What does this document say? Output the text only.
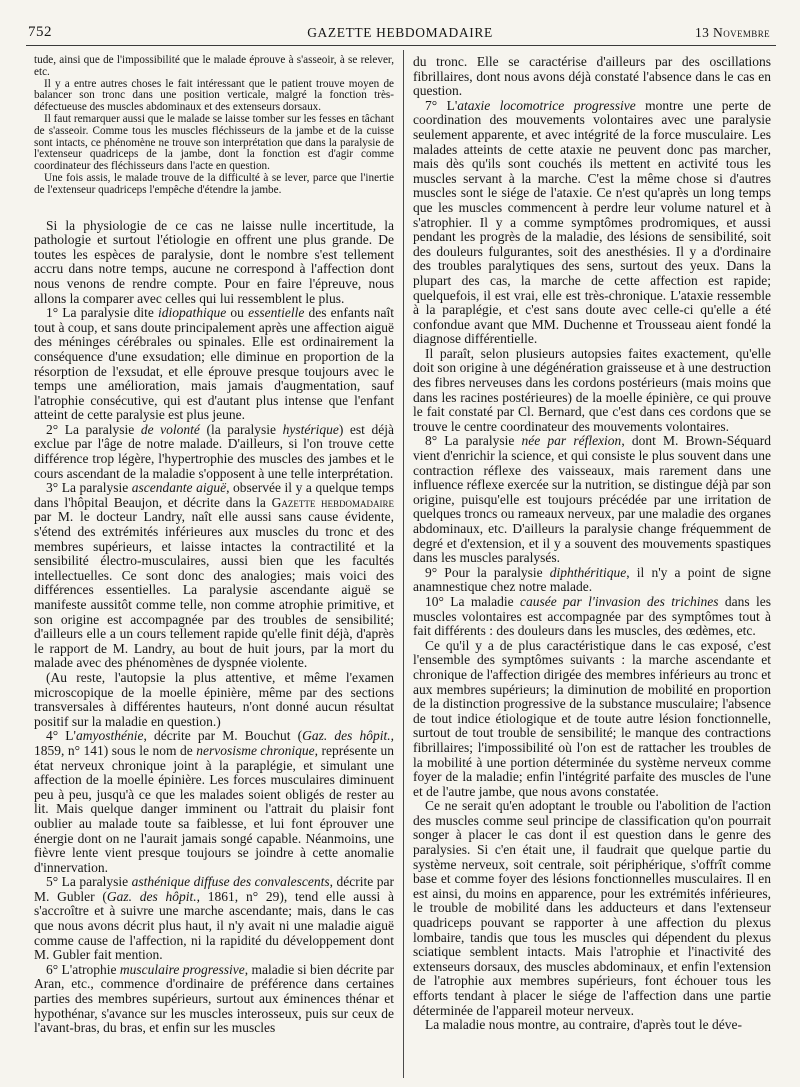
752	GAZETTE HEBDOMADAIRE	13 Novembre

tude, ainsi que de l'impossibilité que le malade éprouve à s'asseoir, à se relever, etc.

Il y a entre autres choses le fait intéressant que le patient trouve moyen de balancer son tronc dans une position verticale, malgré la fonction très-défectueuse des muscles abdominaux et des extenseurs dorsaux.

Il faut remarquer aussi que le malade se laisse tomber sur les fesses en tâchant de s'asseoir. Comme tous les muscles fléchisseurs de la jambe et de la cuisse sont intacts, ce phénomène ne trouve son interprétation que dans la paralysie de l'extenseur quadriceps de la jambe, dont la fonction est d'agir comme coordinateur des fléchisseurs dans l'acte en question.

Une fois assis, le malade trouve de la difficulté à se lever, parce que l'inertie de l'extenseur quadriceps l'empêche d'étendre la jambe.

Si la physiologie de ce cas ne laisse nulle incertitude, la pathologie et surtout l'étiologie en offrent une plus grande. De toutes les espèces de paralysie, dont le nombre s'est tellement accru dans notre temps, aucune ne correspond à l'affection dont nous venons de rendre compte. Pour en faire l'épreuve, nous allons la comparer avec celles qui lui ressemblent le plus.

1° La paralysie dite idiopathique ou essentielle des enfants naît tout à coup, et sans doute principalement après une affection aiguë des méninges cérébrales ou spinales. Elle est ordinairement la conséquence d'une exsudation; elle diminue en proportion de la résorption de l'exsudat, et elle éprouve presque toujours avec le temps une amélioration, mais jamais d'augmentation, sauf l'atrophie consécutive, qui est d'autant plus intense que l'enfant atteint de cette paralysie est plus jeune.

2° La paralysie de volonté (la paralysie hystérique) est déjà exclue par l'âge de notre malade. D'ailleurs, si l'on trouve cette différence trop légère, l'hypertrophie des muscles des jambes et le cours ascendant de la maladie s'opposent à une telle interprétation.

3° La paralysie ascendante aiguë, observée il y a quelque temps dans l'hôpital Beaujon, et décrite dans la Gazette hebdomadaire par M. le docteur Landry, naît elle aussi sans cause évidente, s'étend des extrémités inférieures aux muscles du tronc et des membres supérieurs, et laisse intactes la contractilité et la sensibilité électro-musculaires, aussi bien que les facultés intellectuelles. Ce sont donc des analogies; mais voici des différences essentielles. La paralysie ascendante aiguë se manifeste aussitôt comme telle, non comme atrophie primitive, et son origine est accompagnée par des troubles de sensibilité; d'ailleurs elle a un cours tellement rapide qu'elle finit déjà, d'après le rapport de M. Landry, au bout de huit jours, par la mort du malade avec des phénomènes de dyspnée violente.

(Au reste, l'autopsie la plus attentive, et même l'examen microscopique de la moelle épinière, même par des sections transversales à différentes hauteurs, n'ont donné aucun résultat positif sur la maladie en question.)

4° L'amyosthénie, décrite par M. Bouchut (Gaz. des hôpit., 1859, n° 141) sous le nom de nervosisme chronique, représente un état nerveux chronique joint à la paraplégie, et simulant une affection de la moelle épinière. Les forces musculaires diminuent peu à peu, jusqu'à ce que les malades soient obligés de rester au lit. Mais quelque danger imminent ou l'attrait du plaisir font oublier au malade toute sa faiblesse, et lui font éprouver une énergie dont on ne l'aurait jamais songé capable. Néanmoins, une fièvre lente vient presque toujours se joindre à cette anomalie d'innervation.

5° La paralysie asthénique diffuse des convalescents, décrite par M. Gubler (Gaz. des hôpit., 1861, n° 29), tend elle aussi à s'accroître et à suivre une marche ascendante; mais, dans le cas que nous avons décrit plus haut, il n'y avait ni une maladie aiguë comme cause de l'affection, ni la rapidité du développement dont M. Gubler fait mention.

6° L'atrophie musculaire progressive, maladie si bien décrite par Aran, etc., commence d'ordinaire de préférence dans certaines parties des membres supérieurs, surtout aux éminences thénar et hypothénar, s'avance sur les muscles interosseux, puis sur ceux de l'avant-bras, du bras, et enfin sur les muscles

du tronc. Elle se caractérise d'ailleurs par des oscillations fibrillaires, dont nous avons déjà constaté l'absence dans le cas en question.

7° L'ataxie locomotrice progressive montre une perte de coordination des mouvements volontaires avec une paralysie seulement apparente, et avec intégrité de la force musculaire. Les malades atteints de cette ataxie ne peuvent donc pas marcher, mais dès qu'ils sont couchés ils mettent en activité tous les muscles servant à la marche. C'est la même chose si d'autres muscles sont le siége de l'ataxie. Ce n'est qu'après un long temps que les muscles commencent à perdre leur volume naturel et à s'atrophier. Il y a comme symptômes prodromiques, et aussi pendant les progrès de la maladie, des lésions de sensibilité, soit des douleurs fulgurantes, soit des anesthésies. Il y a d'ordinaire des troubles paralytiques des sens, surtout des yeux. Dans la plupart des cas, la marche de cette affection est rapide; quelquefois, il est vrai, elle est très-chronique. L'ataxie ressemble à la paraplégie, et c'est sans doute avec celle-ci qu'elle a été confondue avant que MM. Duchenne et Trousseau aient fondé la diagnose différentielle.

Il paraît, selon plusieurs autopsies faites exactement, qu'elle doit son origine à une dégénération graisseuse et à une destruction des fibres nerveuses dans les cordons postérieurs (mais moins que dans les racines postérieures) de la moelle épinière, ce qui prouve le fait constaté par Cl. Bernard, que c'est dans ces cordons que se trouve le centre coordinateur des mouvements volontaires.

8° La paralysie née par réflexion, dont M. Brown-Séquard vient d'enrichir la science, et qui consiste le plus souvent dans une contraction réflexe des vaisseaux, mais rarement dans une influence réflexe exercée sur la nutrition, se distingue déjà par son origine, puisqu'elle est toujours précédée par une irritation de quelques troncs ou rameaux nerveux, par une maladie des organes abdominaux, etc. D'ailleurs la paralysie change fréquemment de degré et d'extension, et il y a souvent des mouvements spastiques dans les muscles paralysés.

9° Pour la paralysie diphthéritique, il n'y a point de signe anamnestique chez notre malade.

10° La maladie causée par l'invasion des trichines dans les muscles volontaires est accompagnée par des symptômes tout à fait différents : des douleurs dans les muscles, des œdèmes, etc.

Ce qu'il y a de plus caractéristique dans le cas exposé, c'est l'ensemble des symptômes suivants : la marche ascendante et chronique de l'affection dirigée des membres inférieurs au tronc et aux membres supérieurs; la diminution de mobilité en proportion de la distinction progressive de la substance musculaire; l'absence de tout indice étiologique et de toute autre lésion fonctionnelle, surtout de tout trouble de sensibilité; le manque des contractions fibrillaires; l'impossibilité où l'on est de rattacher les troubles de la mobilité à une portion déterminée du système nerveux comme foyer de la maladie; enfin l'intégrité parfaite des muscles de l'une et de l'autre jambe, que nous avons constatée.

Ce ne serait qu'en adoptant le trouble ou l'abolition de l'action des muscles comme seul principe de classification qu'on pourrait songer à placer le cas dont il est question dans le genre des paralysies. Si c'en était une, il faudrait que quelque partie du système nerveux, soit centrale, soit périphérique, s'offrît comme base et comme foyer des lésions fonctionnelles musculaires. Il en est ainsi, du moins en apparence, pour les extrémités inférieures, le trouble de mobilité dans les adducteurs et dans l'extenseur quadriceps pouvant se rapporter à une affection du plexus lombaire, tandis que tous les muscles qui dépendent du plexus sciatique semblent intacts. Mais l'atrophie et l'inactivité des extenseurs dorsaux, des muscles abdominaux, et enfin l'extension de l'atrophie aux membres supérieurs, font échouer tous les efforts tendant à placer le siége de l'affection dans une partie déterminée de l'appareil moteur nerveux.

La maladie nous montre, au contraire, d'après tout le déve-
